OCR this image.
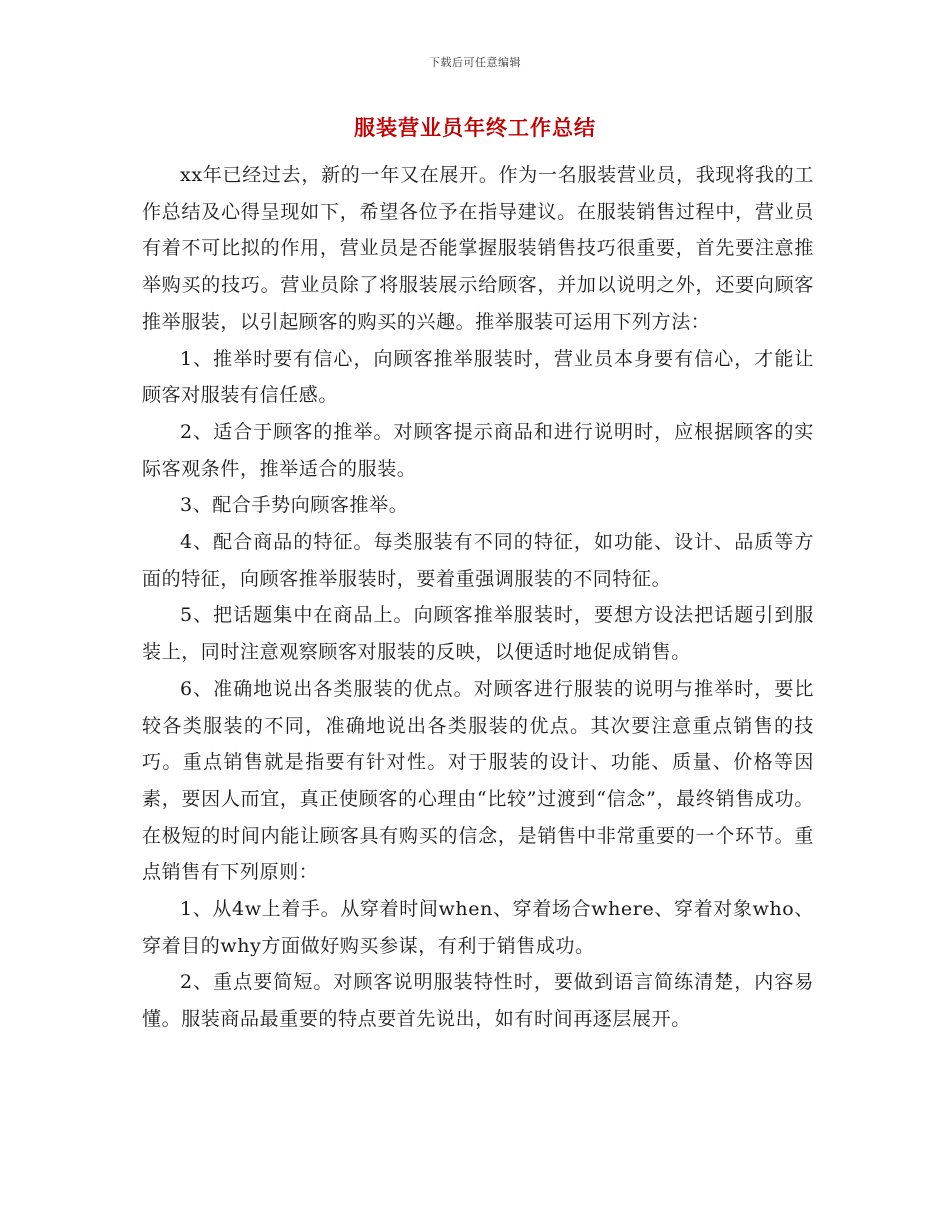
下载后可任意编辑
服装营业员年终工作总结

xx年已经过去，新的一年又在展开。作为一名服装营业员，我现将我的工作总结及心得呈现如下，希望各位予在指导建议。在服装销售过程中，营业员有着不可比拟的作用，营业员是否能掌握服装销售技巧很重要，首先要注意推举购买的技巧。营业员除了将服装展示给顾客，并加以说明之外，还要向顾客推举服装，以引起顾客的购买的兴趣。推举服装可运用下列方法：

1、推举时要有信心，向顾客推举服装时，营业员本身要有信心，才能让顾客对服装有信任感。

2、适合于顾客的推举。对顾客提示商品和进行说明时，应根据顾客的实际客观条件，推举适合的服装。

3、配合手势向顾客推举。

4、配合商品的特征。每类服装有不同的特征，如功能、设计、品质等方面的特征，向顾客推举服装时，要着重强调服装的不同特征。

5、把话题集中在商品上。向顾客推举服装时，要想方设法把话题引到服装上，同时注意观察顾客对服装的反映，以便适时地促成销售。

6、准确地说出各类服装的优点。对顾客进行服装的说明与推举时，要比较各类服装的不同，准确地说出各类服装的优点。其次要注意重点销售的技巧。重点销售就是指要有针对性。对于服装的设计、功能、质量、价格等因素，要因人而宜，真正使顾客的心理由“比较”过渡到“信念”，最终销售成功。在极短的时间内能让顾客具有购买的信念，是销售中非常重要的一个环节。重点销售有下列原则：

1、从4w上着手。从穿着时间when、穿着场合where、穿着对象who、穿着目的why方面做好购买参谋，有利于销售成功。

2、重点要简短。对顾客说明服装特性时，要做到语言简练清楚，内容易懂。服装商品最重要的特点要首先说出，如有时间再逐层展开。
